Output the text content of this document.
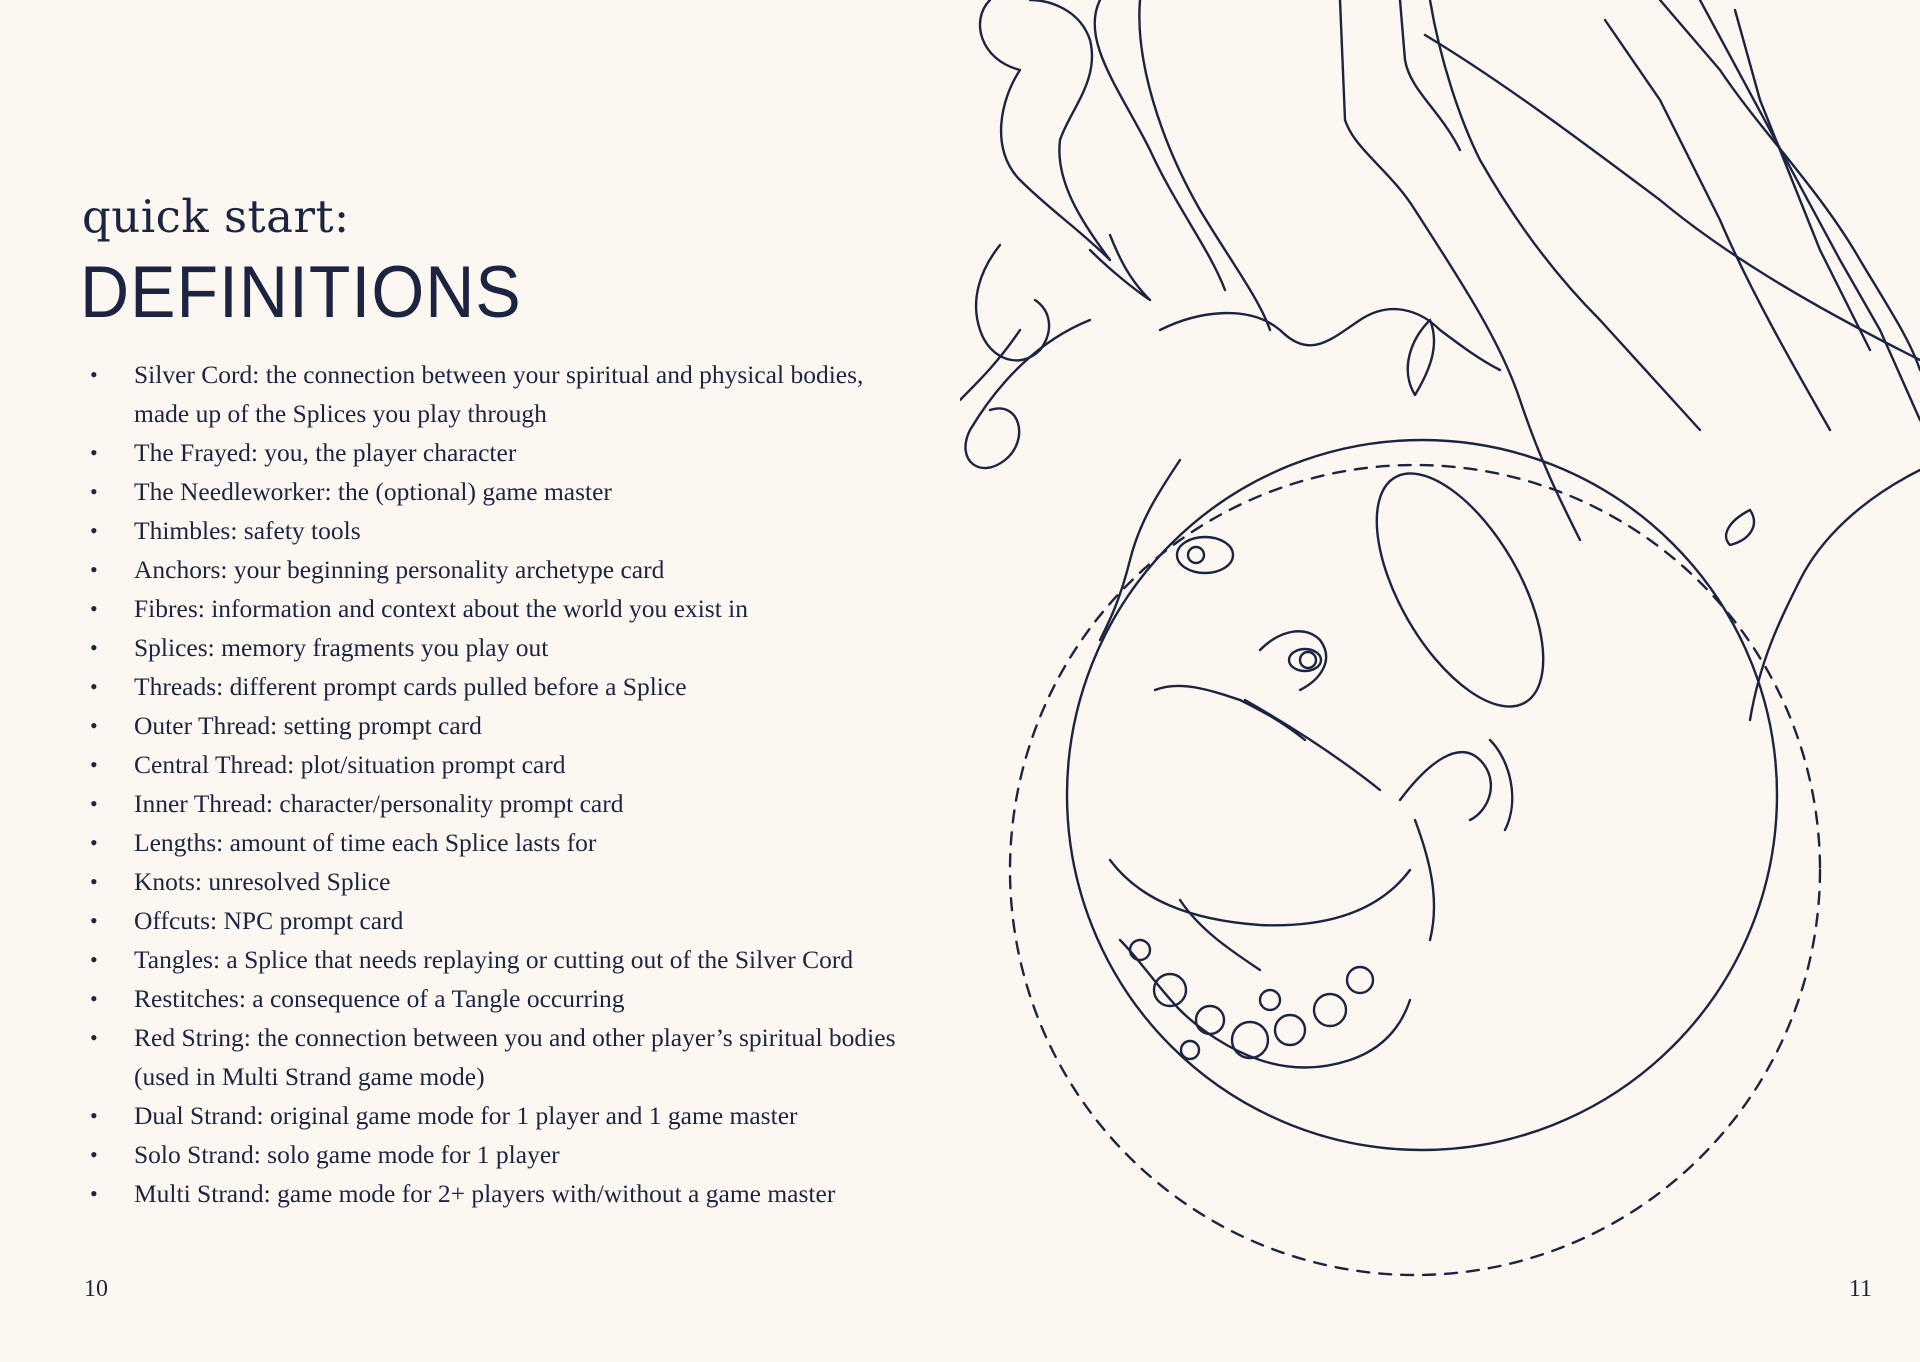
quick start:
DEFINITIONS
•	Silver Cord: the connection between your spiritual and physical bodies, made up of the Splices you play through
•	The Frayed: you, the player character
•	The Needleworker: the (optional) game master
•	Thimbles: safety tools
•	Anchors: your beginning personality archetype card
•	Fibres: information and context about the world you exist in
•	Splices: memory fragments you play out
•	Threads: different prompt cards pulled before a Splice
•	Outer Thread: setting prompt card
•	Central Thread: plot/situation prompt card
•	Inner Thread: character/personality prompt card
•	Lengths: amount of time each Splice lasts for
•	Knots: unresolved Splice
•	Offcuts: NPC prompt card
•	Tangles: a Splice that needs replaying or cutting out of the Silver Cord
•	Restitches: a consequence of a Tangle occurring
•	Red String: the connection between you and other player’s spiritual bodies (used in Multi Strand game mode)
•	Dual Strand: original game mode for 1 player and 1 game master
•	Solo Strand: solo game mode for 1 player
•	Multi Strand: game mode for 2+ players with/without a game master
10	11
